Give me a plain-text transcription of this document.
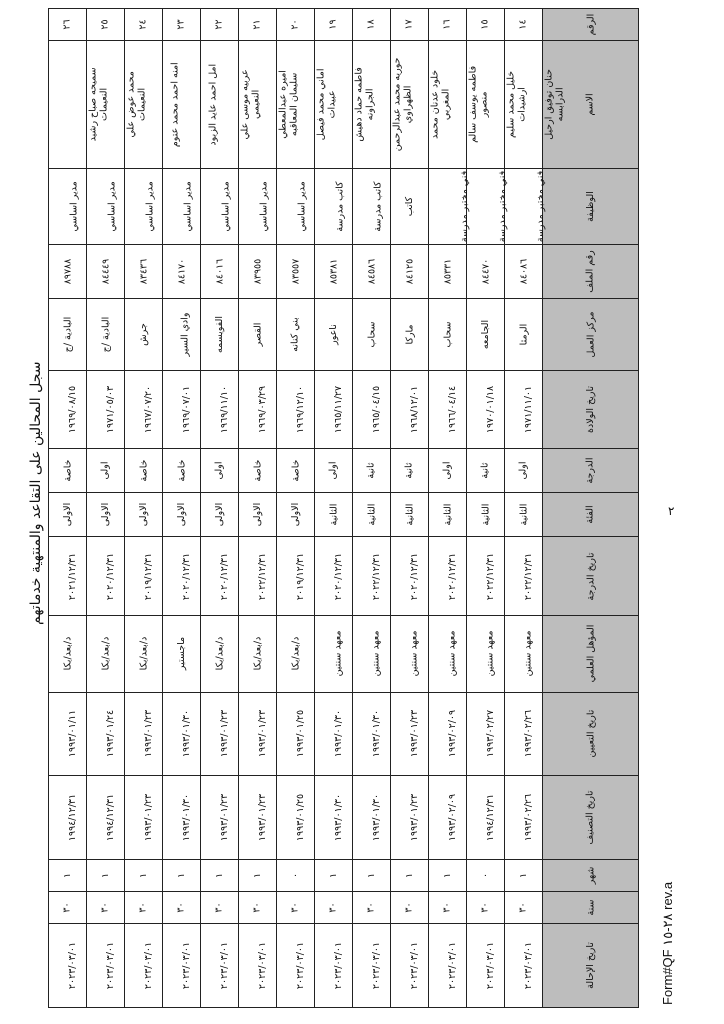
سجل المحالين على التقاعد والمنتهية خدماتهم	٢
Form#QF ٢٨-١٥ rev.a
٢٦	٢٥	٢٤	٢٣	٢٢	٢١	٢٠	١٩	١٨	١٧	١٦	١٥	١٤	الرقم
سميحه صباح رشيد النعيمات	محمد عوض علي النعيمات	امنه احمد محمد عتوم	امل احمد عايد الزبود	عربيه موسى علي النعيمي	اميره عبدالمعطي سليمان المعاقبه	اماني محمد فيصل عبيدات	فاطمه حماد دهيش الجراونه	حوريه محمد عبدالرحمن الظهراوي	خلود عدنان محمد المغربي	فاطمه يوسف سالم منصور	خليل محمد سليم ارشيدات	حنان توفيق ارحيل الدرابسه	الاسم
مدير اساسي	مدير اساسي	مدير اساسي	مدير اساسي	مدير اساسي	مدير اساسي	مدير اساسي	كاتب مدرسة	كاتب مدرسة	كاتب	فني مختبر مدرسة	فني مختبر مدرسة	فني مختبر مدرسة	الوظيفة
٨٩٧٨٨	٨٤٤٤٩	٨٣٤٣٦	٨٤١٧٠	٨٤٠١٦	٨٣٩٥٥	٨٣٥٥٧	٨٥٣٨١	٨٤٥٨٦	٨٤١٢٥	٨٥٣٣١	٨٤٤٧٠	٨٤٠٨٦	رقم الملف
البادية /ج	البادية /ج	جرش	وادي السير	الفويسمه	القصر	بني كنانه	ناعور	سحاب	ماركا	سحاب	الجامعه	الرمثا	مركز العمل
١٩٦٩/٠٨/١٥	١٩٧١/٠٥/٠٣	١٩٦٧/٠٧/٢٠	١٩٦٩/٠٧/٠١	١٩٦٩/١١/١٠	١٩٦٩/٠٣/٢٩	١٩٦٩/١٢/١٠	١٩٦٥/١١/٢٧	١٩٦٥/٠٤/١٥	١٩٦٨/١٢/٠١	١٩٦٦/٠٤/١٤	١٩٧٠/٠١/١٨	١٩٧١/١١/٠١	تاريخ الولادة
خاصة	اولى	خاصة	خاصة	اولى	خاصة	خاصة	اولى	ثانية	ثانية	اولى	ثانية	اولى	الدرجة
الاولى	الاولى	الاولى	الاولى	الاولى	الاولى	الاولى	الثانية	الثانية	الثانية	الثانية	الثانية	الثانية	الفئة
٢٠٢١/١٢/٣١	٢٠٢٠/١٢/٣١	٢٠١٩/١٢/٣١	٢٠٢٠/١٢/٣١	٢٠٢٠/١٢/٣١	٢٠٢٢/١٢/٣١	٢٠١٩/١٢/٣١	٢٠٢٠/١٢/٣١	٢٠٢٢/١٢/٣١	٢٠٢٠/١٢/٣١	٢٠٢٠/١٢/٣١	٢٠٢٢/١٢/٣١	٢٠٢٢/١٢/٣١	تاريخ الدرجة
د/بعد/بكا	د/بعد/بكا	د/بعد/بكا	ماجستير	د/بعد/بكا	د/بعد/بكا	د/بعد/بكا	معهد سنتين	معهد سنتين	معهد سنتين	معهد سنتين	معهد سنتين	معهد سنتين	المؤهل العلمي
١٩٩٣/٠١/١١	١٩٩٣/٠١/٢٤	١٩٩٣/٠١/٢٣	١٩٩٣/٠١/٣٠	١٩٩٣/٠١/٢٣	١٩٩٣/٠١/٢٣	١٩٩٣/٠١/٢٥	١٩٩٣/٠١/٣٠	١٩٩٣/٠١/٣٠	١٩٩٣/٠١/٢٣	١٩٩٣/٠٢/٠٩	١٩٩٣/٠٢/٢٧	١٩٩٣/٠٢/٢٦	تاريخ التعيين
١٩٩٤/١٢/٣١	١٩٩٤/١٢/٣١	١٩٩٣/٠١/٢٣	١٩٩٣/٠١/٣٠	١٩٩٣/٠١/٢٣	١٩٩٣/٠١/٢٣	١٩٩٣/٠١/٢٥	١٩٩٣/٠١/٣٠	١٩٩٣/٠١/٣٠	١٩٩٣/٠١/٢٣	١٩٩٣/٠٢/٠٩	١٩٩٤/١٢/٣١	١٩٩٣/٠٢/٢٦	تاريخ التصنيف
١	١	١	١	١	١	٠	١	١	١	١	٠	١	شهر
٣٠	٣٠	٣٠	٣٠	٣٠	٣٠	٣٠	٣٠	٣٠	٣٠	٣٠	٣٠	٣٠	سنة
٢٠٢٣/٠٣/٠١	٢٠٢٣/٠٣/٠١	٢٠٢٣/٠٣/٠١	٢٠٢٣/٠٣/٠١	٢٠٢٣/٠٣/٠١	٢٠٢٣/٠٣/٠١	٢٠٢٣/٠٣/٠١	٢٠٢٣/٠٣/٠١	٢٠٢٣/٠٣/٠١	٢٠٢٣/٠٣/٠١	٢٠٢٣/٠٣/٠١	٢٠٢٣/٠٣/٠١	٢٠٢٣/٠٣/٠١	تاريخ الإحالة
